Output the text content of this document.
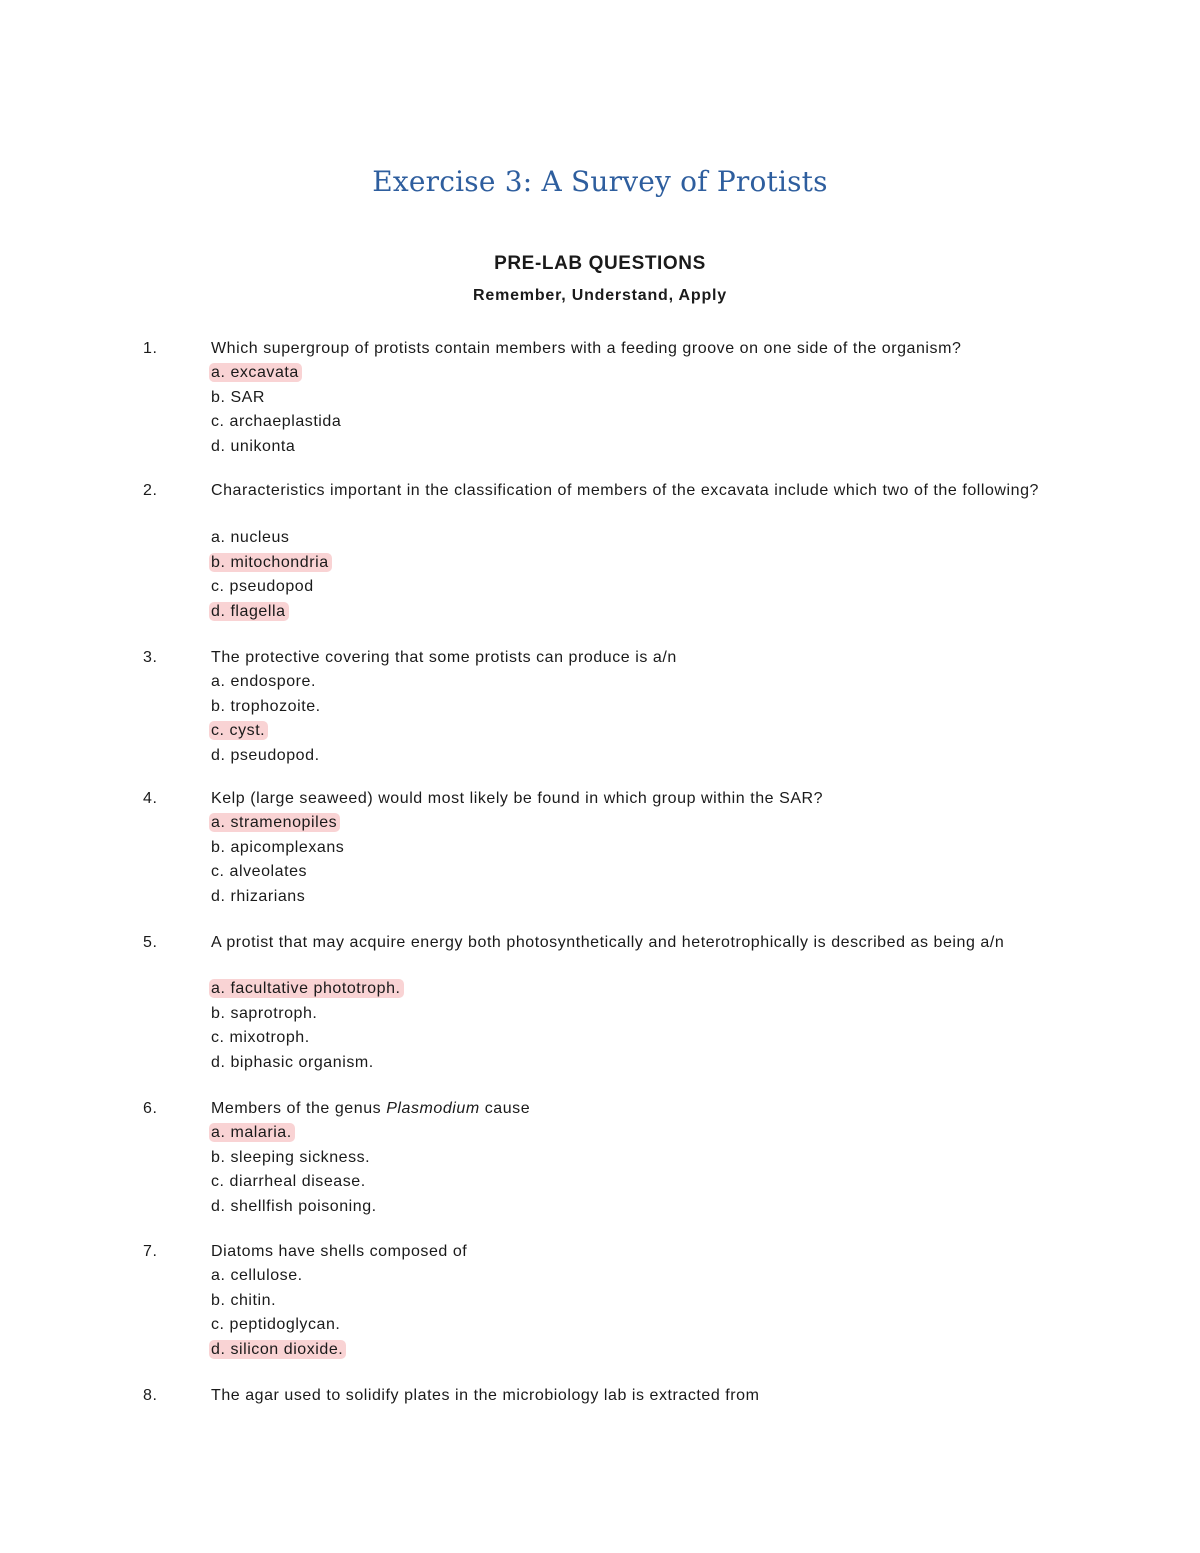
Exercise 3: A Survey of Protists
PRE-LAB QUESTIONS
Remember, Understand, Apply
1.	Which supergroup of protists contain members with a feeding groove on one side of the organism?
a. excavata
b. SAR
c. archaeplastida
d. unikonta
2.	Characteristics important in the classification of members of the excavata include which two of the following?
a. nucleus
b. mitochondria
c. pseudopod
d. flagella
3.	The protective covering that some protists can produce is a/n
a. endospore.
b. trophozoite.
c. cyst.
d. pseudopod.
4.	Kelp (large seaweed) would most likely be found in which group within the SAR?
a. stramenopiles
b. apicomplexans
c. alveolates
d. rhizarians
5.	A protist that may acquire energy both photosynthetically and heterotrophically is described as being a/n
a. facultative phototroph.
b. saprotroph.
c. mixotroph.
d. biphasic organism.
6.	Members of the genus Plasmodium cause
a. malaria.
b. sleeping sickness.
c. diarrheal disease.
d. shellfish poisoning.
7.	Diatoms have shells composed of
a. cellulose.
b. chitin.
c. peptidoglycan.
d. silicon dioxide.
8.	The agar used to solidify plates in the microbiology lab is extracted from
